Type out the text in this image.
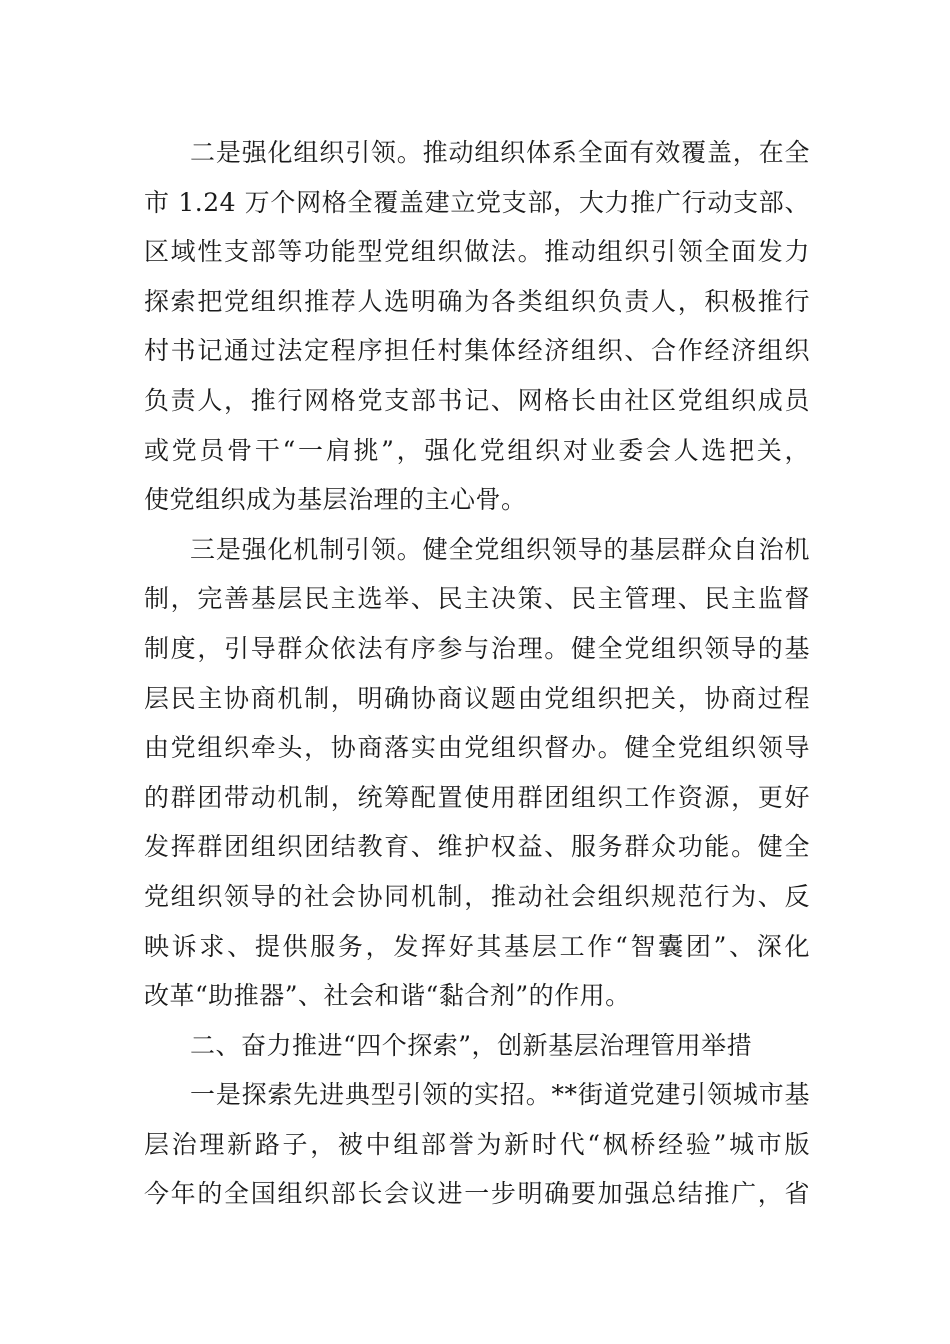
二是强化组织引领。推动组织体系全面有效覆盖，在全
市 1.24 万个网格全覆盖建立党支部，大力推广行动支部、
区域性支部等功能型党组织做法。推动组织引领全面发力
探索把党组织推荐人选明确为各类组织负责人，积极推行
村书记通过法定程序担任村集体经济组织、合作经济组织
负责人，推行网格党支部书记、网格长由社区党组织成员
或党员骨干“一肩挑”，强化党组织对业委会人选把关，
使党组织成为基层治理的主心骨。
三是强化机制引领。健全党组织领导的基层群众自治机
制，完善基层民主选举、民主决策、民主管理、民主监督
制度，引导群众依法有序参与治理。健全党组织领导的基
层民主协商机制，明确协商议题由党组织把关，协商过程
由党组织牵头，协商落实由党组织督办。健全党组织领导
的群团带动机制，统筹配置使用群团组织工作资源，更好
发挥群团组织团结教育、维护权益、服务群众功能。健全
党组织领导的社会协同机制，推动社会组织规范行为、反
映诉求、提供服务，发挥好其基层工作“智囊团”、深化
改革“助推器”、社会和谐“黏合剂”的作用。
二、奋力推进“四个探索”，创新基层治理管用举措
一是探索先进典型引领的实招。**街道党建引领城市基
层治理新路子，被中组部誉为新时代“枫桥经验”城市版
今年的全国组织部长会议进一步明确要加强总结推广，省
